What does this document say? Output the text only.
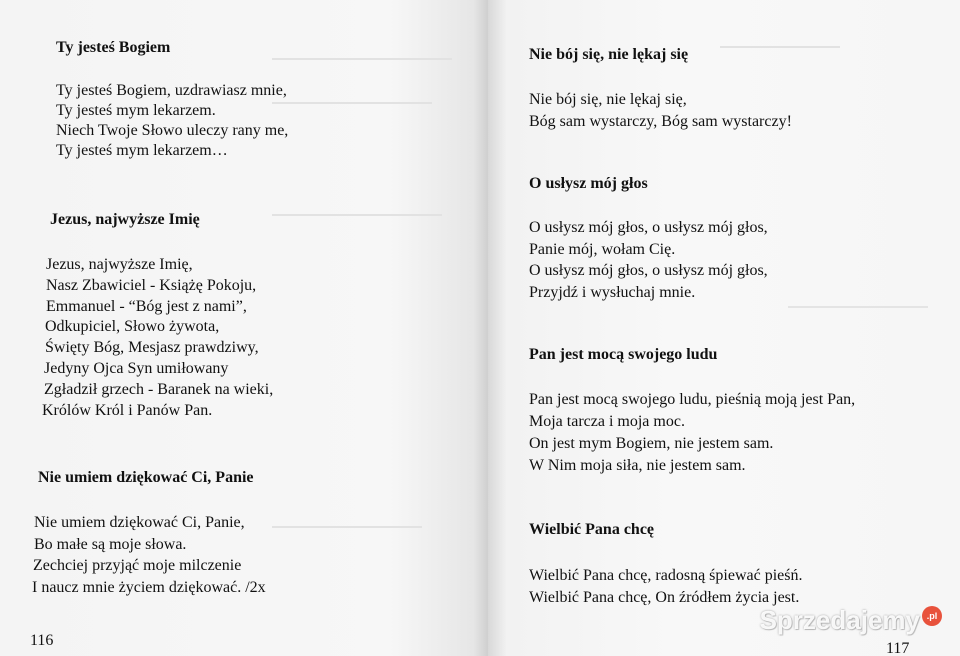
Ty jesteś Bogiem

Ty jesteś Bogiem, uzdrawiasz mnie,
Ty jesteś mym lekarzem.
Niech Twoje Słowo uleczy rany me,
Ty jesteś mym lekarzem…

Jezus, najwyższe Imię

Jezus, najwyższe Imię,
Nasz Zbawiciel - Książę Pokoju,
Emmanuel - “Bóg jest z nami”,
Odkupiciel, Słowo żywota,
Święty Bóg, Mesjasz prawdziwy,
Jedyny Ojca Syn umiłowany
Zgładził grzech - Baranek na wieki,
Królów Król i Panów Pan.

Nie umiem dziękować Ci, Panie

Nie umiem dziękować Ci, Panie,
Bo małe są moje słowa.
Zechciej przyjąć moje milczenie
I naucz mnie życiem dziękować. /2x
116

Nie bój się, nie lękaj się

Nie bój się, nie lękaj się,
Bóg sam wystarczy, Bóg sam wystarczy!

O usłysz mój głos

O usłysz mój głos, o usłysz mój głos,
Panie mój, wołam Cię.
O usłysz mój głos, o usłysz mój głos,
Przyjdź i wysłuchaj mnie.

Pan jest mocą swojego ludu

Pan jest mocą swojego ludu, pieśnią moją jest Pan,
Moja tarcza i moja moc.
On jest mym Bogiem, nie jestem sam.
W Nim moja siła, nie jestem sam.

Wielbić Pana chcę

Wielbić Pana chcę, radosną śpiewać pieśń.
Wielbić Pana chcę, On źródłem życia jest.
117
Sprzedajemy .pl
